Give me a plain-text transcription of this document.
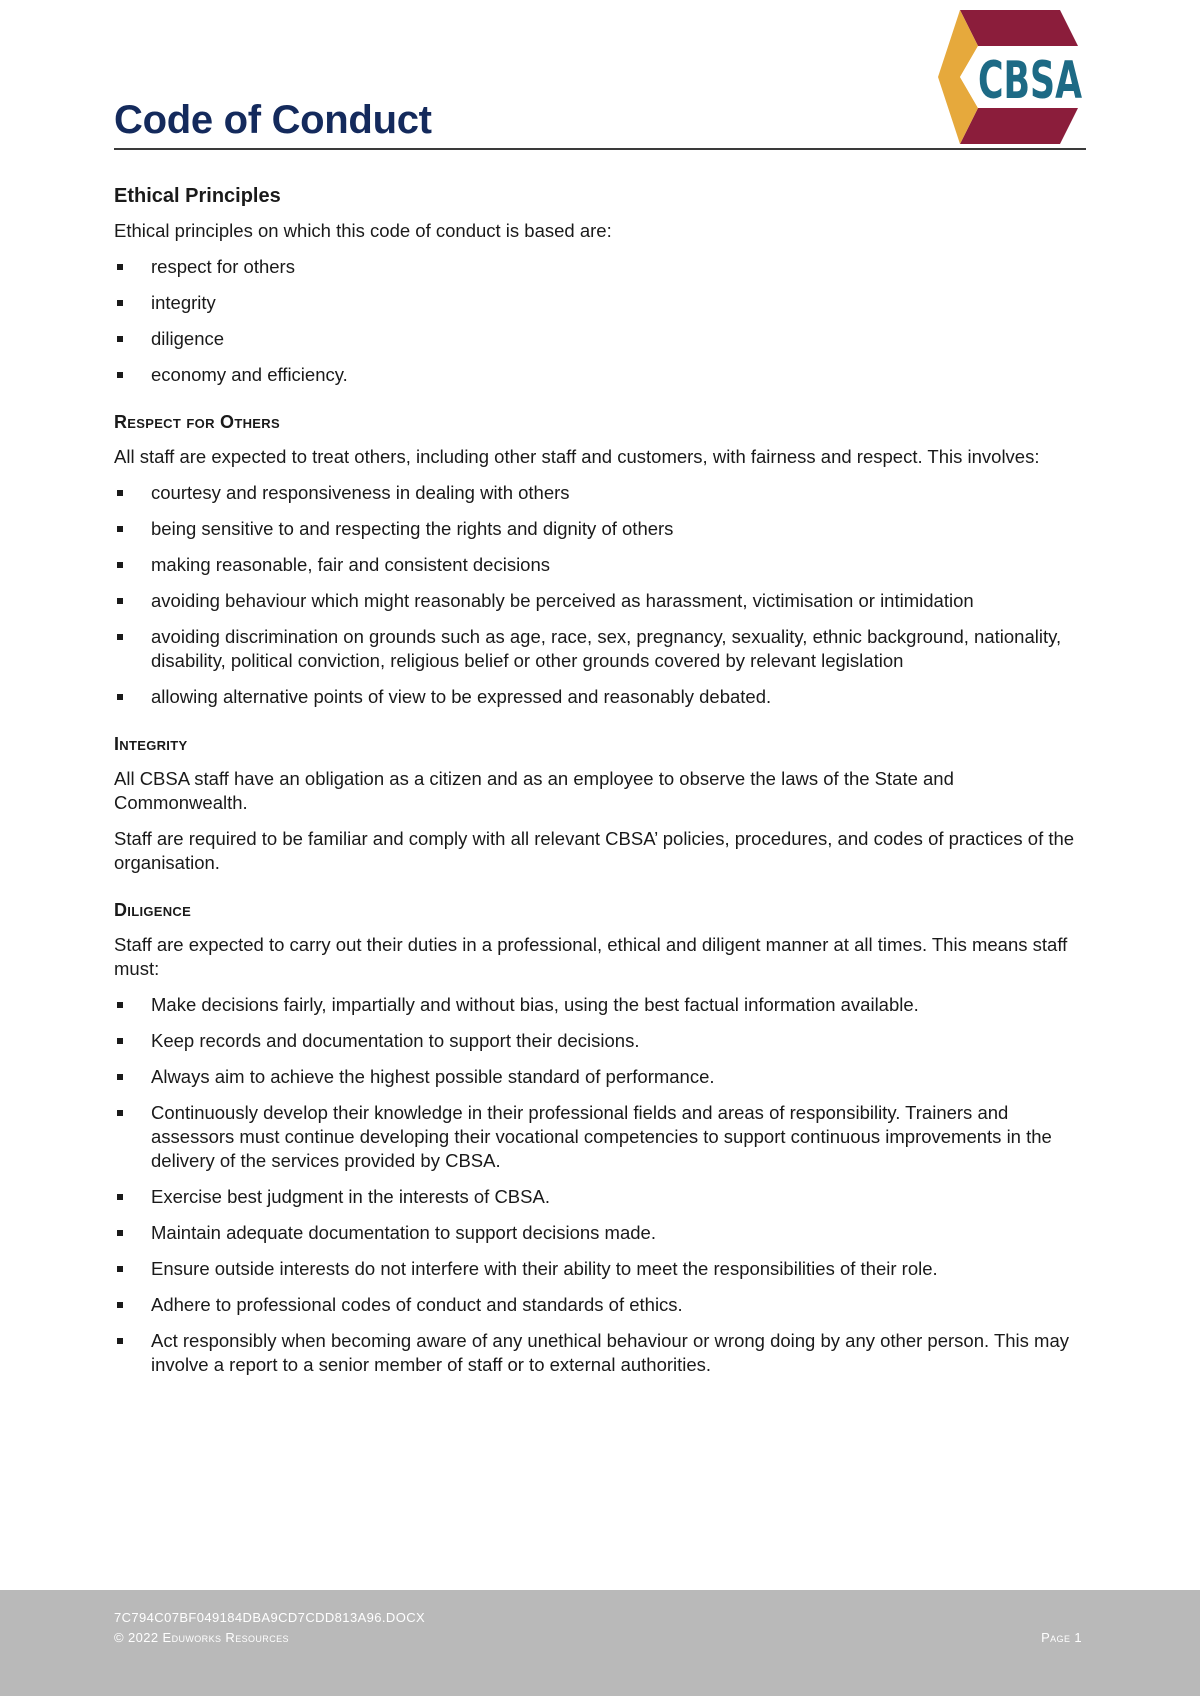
CBSA
Code of Conduct
Ethical Principles

Ethical principles on which this code of conduct is based are:

respect for others
integrity
diligence
economy and efficiency.
Respect for Others

All staff are expected to treat others, including other staff and customers, with fairness and respect. This involves:

courtesy and responsiveness in dealing with others
being sensitive to and respecting the rights and dignity of others
making reasonable, fair and consistent decisions
avoiding behaviour which might reasonably be perceived as harassment, victimisation or intimidation
avoiding discrimination on grounds such as age, race, sex, pregnancy, sexuality, ethnic background, nationality, disability, political conviction, religious belief or other grounds covered by relevant legislation
allowing alternative points of view to be expressed and reasonably debated.
Integrity

All CBSA staff have an obligation as a citizen and as an employee to observe the laws of the State and Commonwealth.

Staff are required to be familiar and comply with all relevant CBSA’ policies, procedures, and codes of practices of the organisation.

Diligence

Staff are expected to carry out their duties in a professional, ethical and diligent manner at all times. This means staff must:

Make decisions fairly, impartially and without bias, using the best factual information available.
Keep records and documentation to support their decisions.
Always aim to achieve the highest possible standard of performance.
Continuously develop their knowledge in their professional fields and areas of responsibility. Trainers and assessors must continue developing their vocational competencies to support continuous improvements in the delivery of the services provided by CBSA.
Exercise best judgment in the interests of CBSA.
Maintain adequate documentation to support decisions made.
Ensure outside interests do not interfere with their ability to meet the responsibilities of their role.
Adhere to professional codes of conduct and standards of ethics.
Act responsibly when becoming aware of any unethical behaviour or wrong doing by any other person. This may involve a report to a senior member of staff or to external authorities.
7C794C07BF049184DBA9CD7CDD813A96.DOCX
© 2022 Eduworks Resources	Page 1
